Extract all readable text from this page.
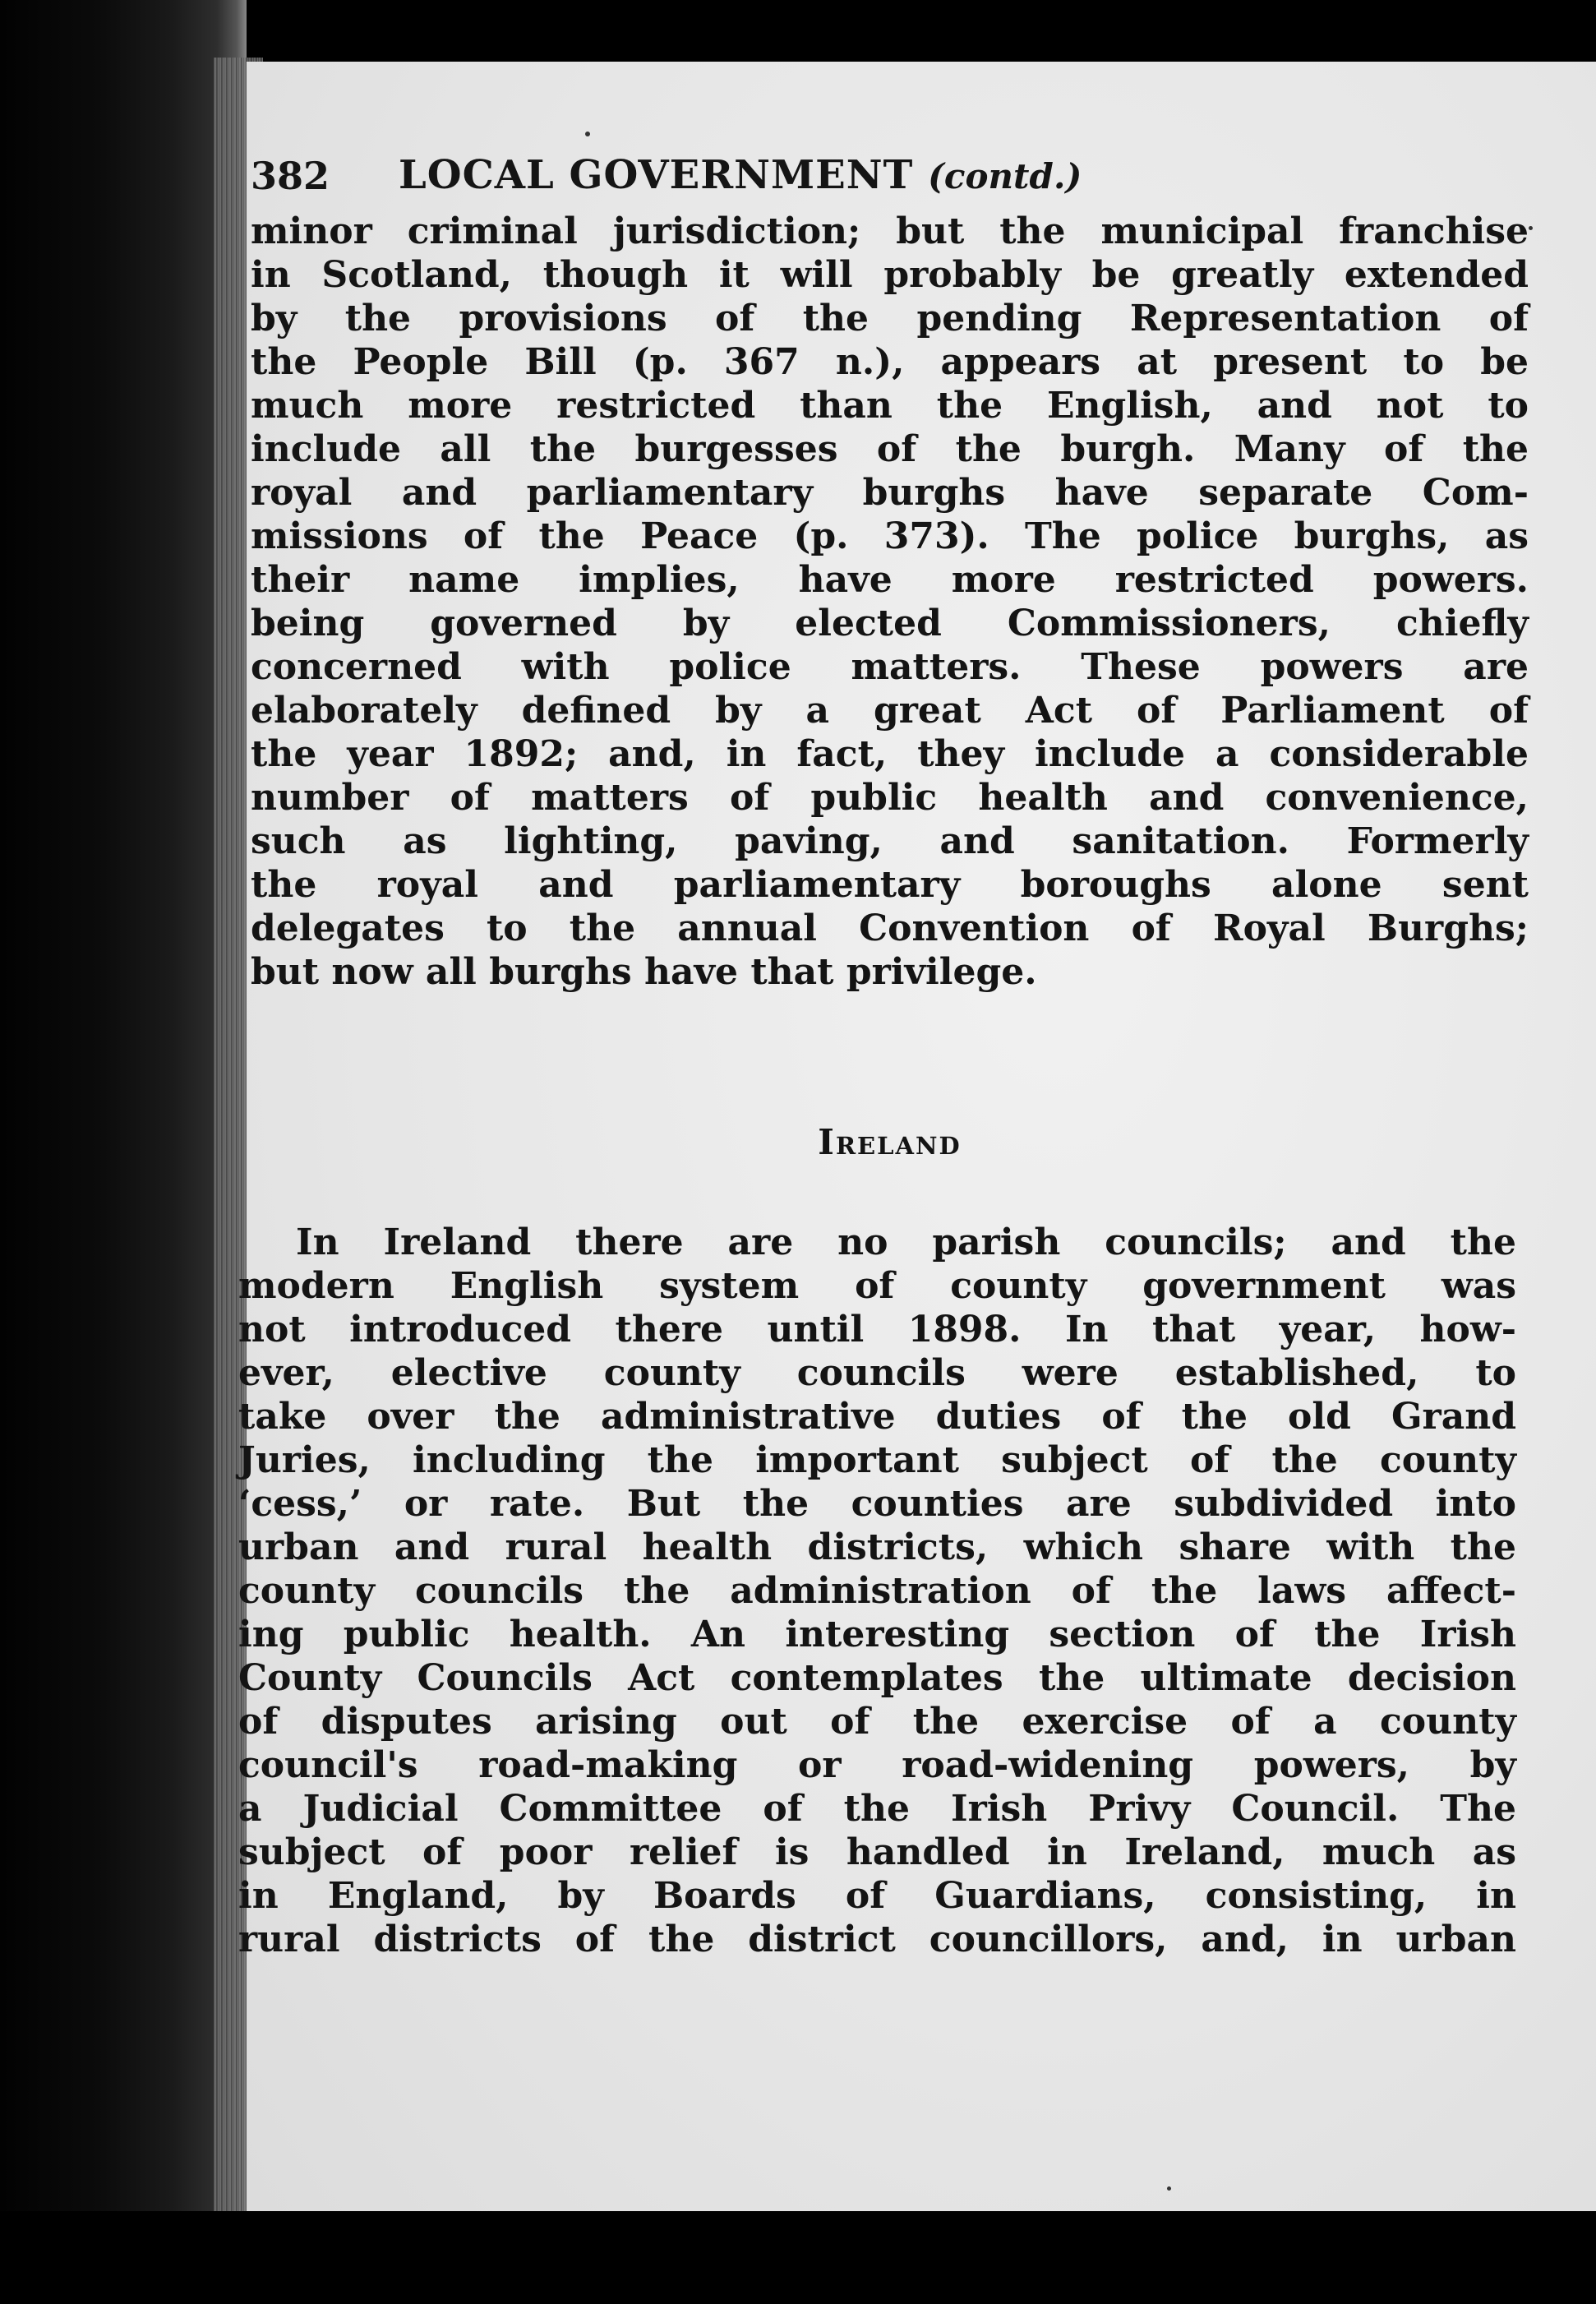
382 LOCAL GOVERNMENT (contd.)
minor criminal jurisdiction; but the municipal franchise
in Scotland, though it will probably be greatly extended
by the provisions of the pending Representation of
the People Bill (p. 367 n.), appears at present to be
much more restricted than the English, and not to
include all the burgesses of the burgh. Many of the
royal and parliamentary burghs have separate Com-
missions of the Peace (p. 373). The police burghs, as
their name implies, have more restricted powers.
being governed by elected Commissioners, chiefly
concerned with police matters. These powers are
elaborately defined by a great Act of Parliament of
the year 1892; and, in fact, they include a considerable
number of matters of public health and convenience,
such as lighting, paving, and sanitation. Formerly
the royal and parliamentary boroughs alone sent
delegates to the annual Convention of Royal Burghs;
but now all burghs have that privilege.
Ireland
In Ireland there are no parish councils; and the
modern English system of county government was
not introduced there until 1898. In that year, how-
ever, elective county councils were established, to
take over the administrative duties of the old Grand
Juries, including the important subject of the county
‘cess,’ or rate. But the counties are subdivided into
urban and rural health districts, which share with the
county councils the administration of the laws affect-
ing public health. An interesting section of the Irish
County Councils Act contemplates the ultimate decision
of disputes arising out of the exercise of a county
council's road-making or road-widening powers, by
a Judicial Committee of the Irish Privy Council. The
subject of poor relief is handled in Ireland, much as
in England, by Boards of Guardians, consisting, in
rural districts of the district councillors, and, in urban
